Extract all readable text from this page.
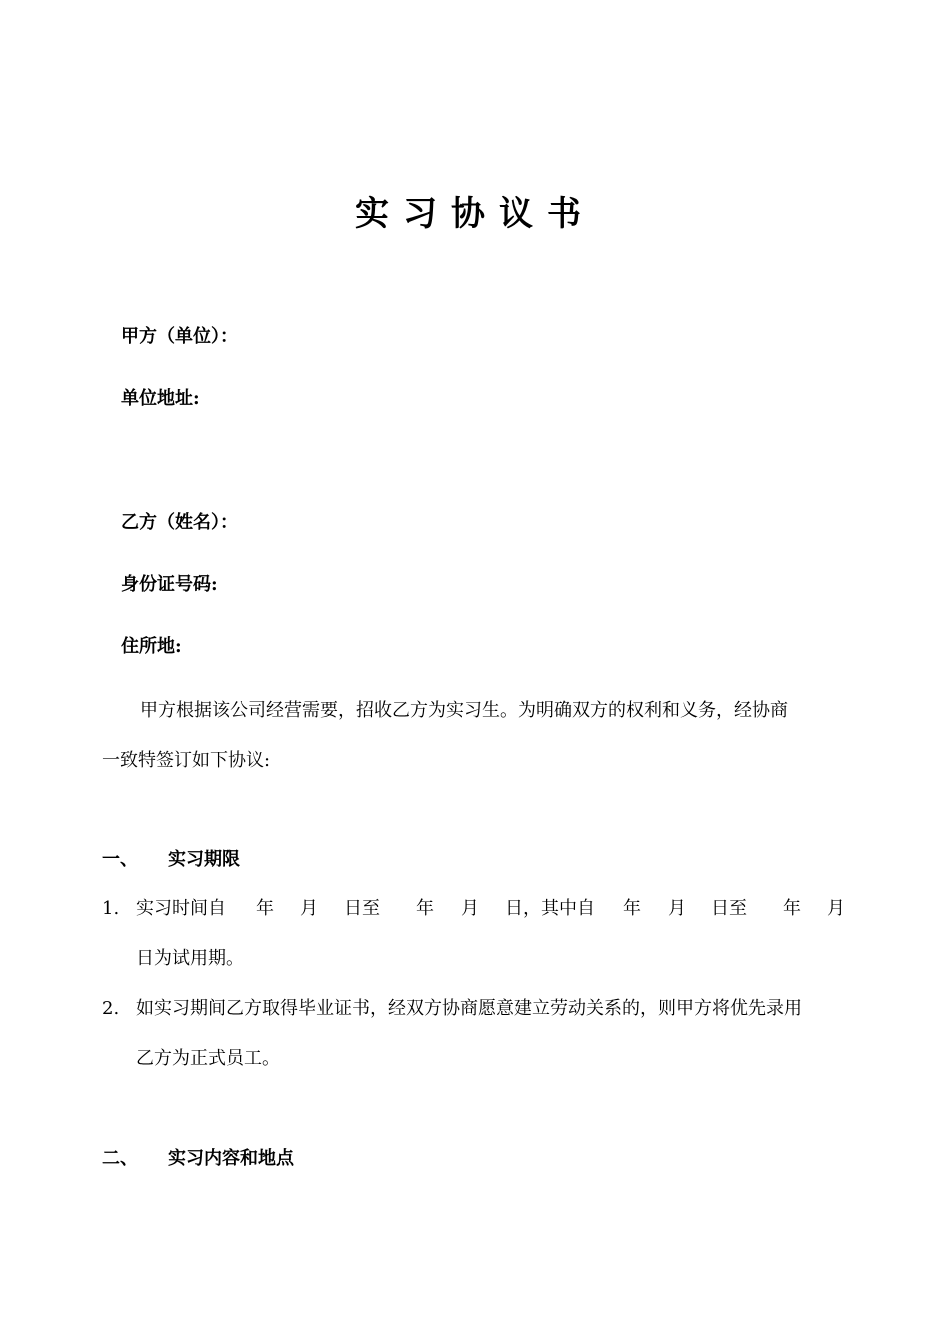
实习协议书
甲方（单位）：
单位地址:
乙方（姓名）：
身份证号码:
住所地:
甲方根据该公司经营需要，招收乙方为实习生。为明确双方的权利和义务，经协商
一致特签订如下协议:
一、 实习期限
1. 实习时间自 年 月 日至 年 月 日，其中自 年 月 日至 年 月
日为试用期。
2. 如实习期间乙方取得毕业证书，经双方协商愿意建立劳动关系的，则甲方将优先录用
乙方为正式员工。
二、 实习内容和地点
